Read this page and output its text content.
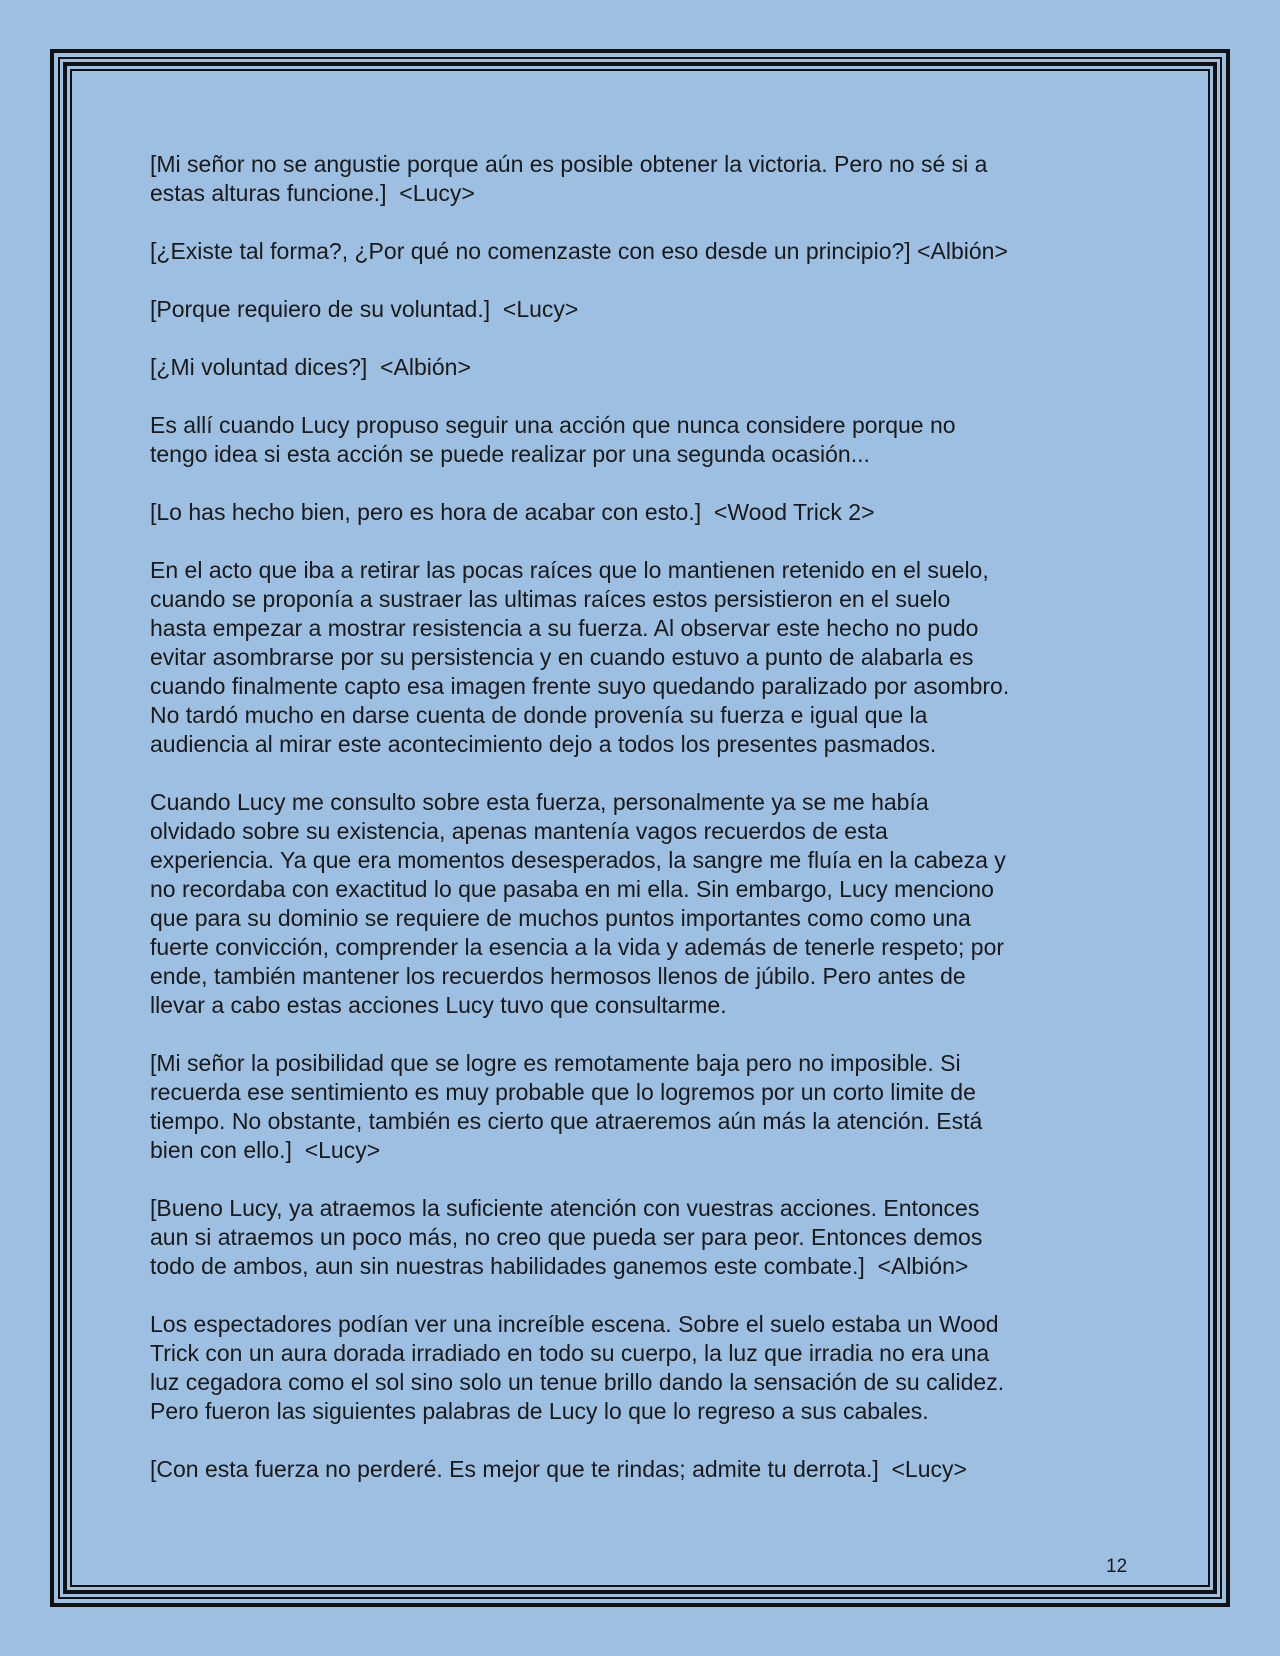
[Mi señor no se angustie porque aún es posible obtener la victoria. Pero no sé si a
estas alturas funcione.]  <Lucy>

[¿Existe tal forma?, ¿Por qué no comenzaste con eso desde un principio?] <Albión>

[Porque requiero de su voluntad.]  <Lucy>

[¿Mi voluntad dices?]  <Albión>

Es allí cuando Lucy propuso seguir una acción que nunca considere porque no
tengo idea si esta acción se puede realizar por una segunda ocasión...

[Lo has hecho bien, pero es hora de acabar con esto.]  <Wood Trick 2>

En el acto que iba a retirar las pocas raíces que lo mantienen retenido en el suelo,
cuando se proponía a sustraer las ultimas raíces estos persistieron en el suelo
hasta empezar a mostrar resistencia a su fuerza. Al observar este hecho no pudo
evitar asombrarse por su persistencia y en cuando estuvo a punto de alabarla es
cuando finalmente capto esa imagen frente suyo quedando paralizado por asombro.
No tardó mucho en darse cuenta de donde provenía su fuerza e igual que la
audiencia al mirar este acontecimiento dejo a todos los presentes pasmados.

Cuando Lucy me consulto sobre esta fuerza, personalmente ya se me había
olvidado sobre su existencia, apenas mantenía vagos recuerdos de esta
experiencia. Ya que era momentos desesperados, la sangre me fluía en la cabeza y
no recordaba con exactitud lo que pasaba en mi ella. Sin embargo, Lucy menciono
que para su dominio se requiere de muchos puntos importantes como como una
fuerte convicción, comprender la esencia a la vida y además de tenerle respeto; por
ende, también mantener los recuerdos hermosos llenos de júbilo. Pero antes de
llevar a cabo estas acciones Lucy tuvo que consultarme.

[Mi señor la posibilidad que se logre es remotamente baja pero no imposible. Si
recuerda ese sentimiento es muy probable que lo logremos por un corto limite de
tiempo. No obstante, también es cierto que atraeremos aún más la atención. Está
bien con ello.]  <Lucy>

[Bueno Lucy, ya atraemos la suficiente atención con vuestras acciones. Entonces
aun si atraemos un poco más, no creo que pueda ser para peor. Entonces demos
todo de ambos, aun sin nuestras habilidades ganemos este combate.]  <Albión>

Los espectadores podían ver una increíble escena. Sobre el suelo estaba un Wood
Trick con un aura dorada irradiado en todo su cuerpo, la luz que irradia no era una
luz cegadora como el sol sino solo un tenue brillo dando la sensación de su calidez.
Pero fueron las siguientes palabras de Lucy lo que lo regreso a sus cabales.

[Con esta fuerza no perderé. Es mejor que te rindas; admite tu derrota.]  <Lucy>

12
